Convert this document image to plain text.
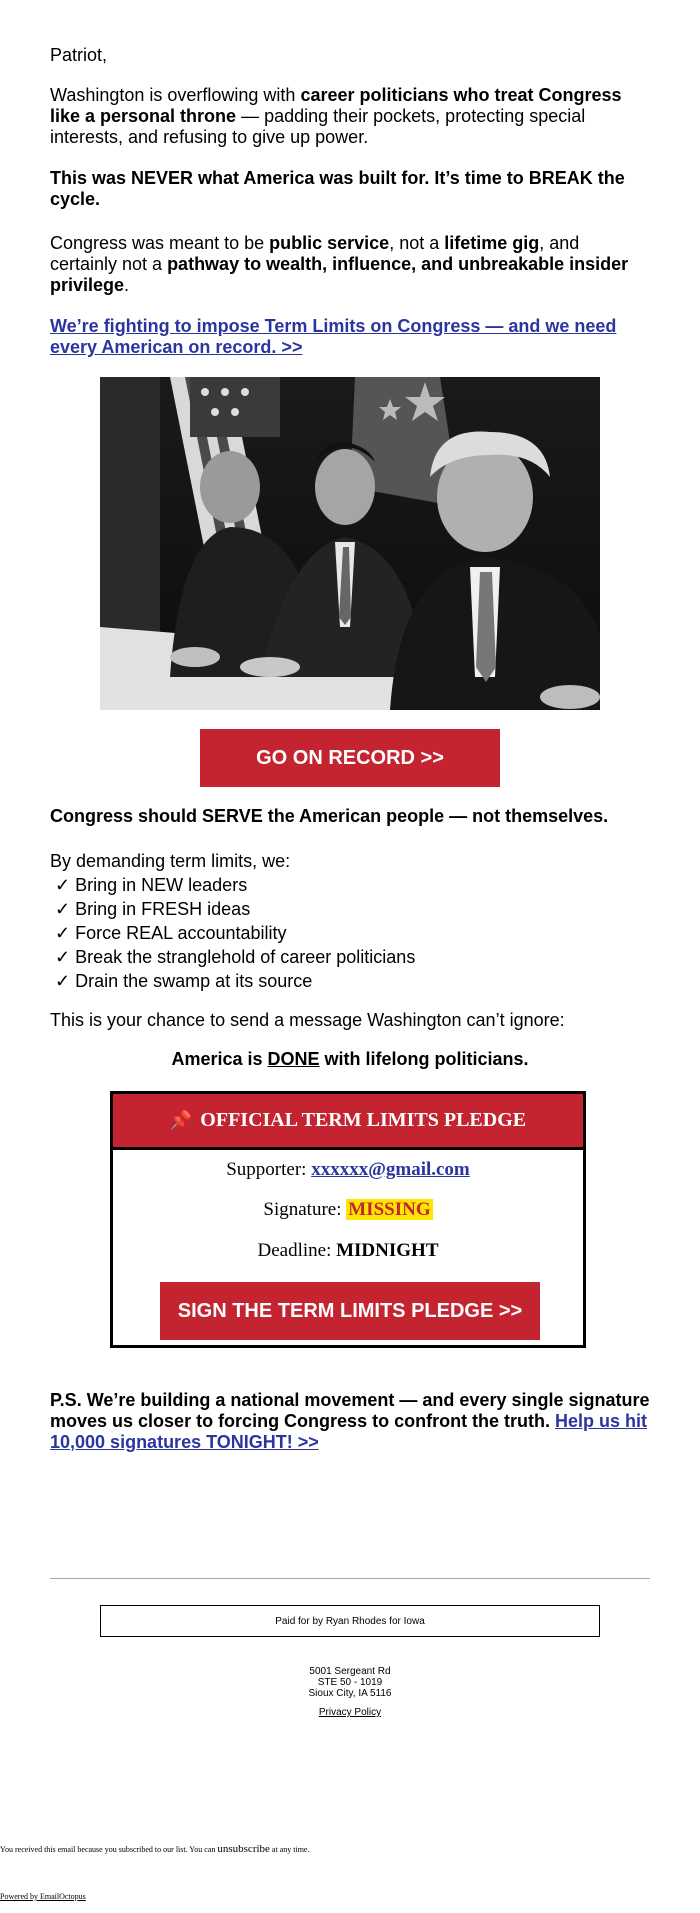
Patriot,

Washington is overflowing with career politicians who treat Congress like a personal throne — padding their pockets, protecting special interests, and refusing to give up power.

This was NEVER what America was built for. It’s time to BREAK the cycle.

Congress was meant to be public service, not a lifetime gig, and certainly not a pathway to wealth, influence, and unbreakable insider privilege.

We’re fighting to impose Term Limits on Congress — and we need every American on record. >>

GO ON RECORD >>

Congress should SERVE the American people — not themselves.

By demanding term limits, we:

✓ Bring in NEW leaders
✓ Bring in FRESH ideas
✓ Force REAL accountability
✓ Break the stranglehold of career politicians
✓ Drain the swamp at its source

This is your chance to send a message Washington can’t ignore:

America is DONE with lifelong politicians.

📌 OFFICIAL TERM LIMITS PLEDGE
Supporter: xxxxxx@gmail.com
Signature: MISSING
Deadline: MIDNIGHT
SIGN THE TERM LIMITS PLEDGE >>

P.S. We’re building a national movement — and every single signature moves us closer to forcing Congress to confront the truth. Help us hit 10,000 signatures TONIGHT! >>

Paid for by Ryan Rhodes for Iowa
5001 Sergeant Rd
STE 50 - 1019
Sioux City, IA 5116
Privacy Policy
You received this email because you subscribed to our list. You can unsubscribe at any time.
Powered by EmailOctopus
